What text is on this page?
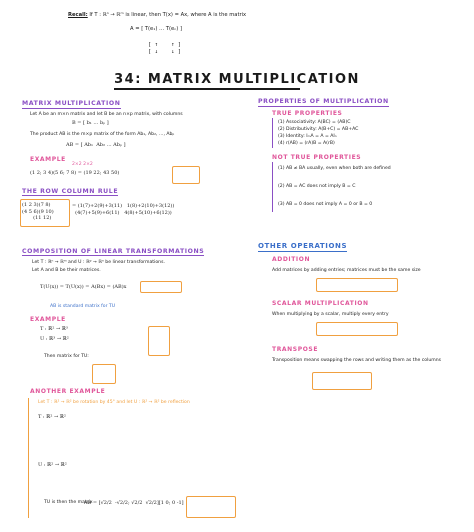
Recall: If T : ℝⁿ → ℝᵐ is linear, then T(x) = Ax, where A is the matrix
A = [ T(e₁) … T(eₙ) ]
[ ↑    ↑ ]
[ ↓    ↓ ]
34: MATRIX MULTIPLICATION
MATRIX MULTIPLICATION
Let A be an m×n matrix and let B be an n×p matrix, with columns
B = [ b₁ … bₚ ]
The product AB is the m×p matrix of the form Ab₁, Ab₂, …, Abₚ
AB = [ Ab₁  Ab₂ … Abₚ ]
EXAMPLE
(1 2; 3 4)(5 6; 7 8) = (19 22; 43 50)
2×2 2×2
THE ROW COLUMN RULE
(1 2 3)(7 8)
(4 5 6)(9 10)
(11 12)
= (1(7)+2(9)+3(11)   1(8)+2(10)+3(12))
(4(7)+5(9)+6(11)   4(8)+5(10)+6(12))
COMPOSITION OF LINEAR TRANSFORMATIONS
Let T : ℝⁿ → ℝᵐ and U : ℝᵖ → ℝⁿ be linear transformations.
Let A and B be their matrices.
T(U(x)) = T(U(x)) = A(Bx) = (AB)x
AB is standard matrix for TU
EXAMPLE
T : ℝ² → ℝ³
U : ℝ³ → ℝ²
Then matrix for TU:
ANOTHER EXAMPLE
Let T : ℝ² → ℝ² be rotation by 45° and let U : ℝ² → ℝ² be reflection
T : ℝ² → ℝ²
U : ℝ² → ℝ²
TU is then the matrix
AB = [√2/2  -√2/2; √2/2  √2/2][1 0; 0 -1]
PROPERTIES OF MULTIPLICATION
TRUE PROPERTIES
(1) Associativity: A(BC) = (AB)C
(2) Distributivity: A(B+C) = AB+AC
(3) Identity: IₘA = A = AIₙ
(4) r(AB) = (rA)B = A(rB)
NOT TRUE PROPERTIES
(1) AB ≠ BA usually, even when both are defined
(2) AB = AC does not imply B = C
(3) AB = 0 does not imply A = 0 or B = 0
OTHER OPERATIONS
ADDITION
Add matrices by adding entries; matrices must be the same size
SCALAR MULTIPLICATION
When multiplying by a scalar, multiply every entry
TRANSPOSE
Transposition means swapping the rows and writing them as the columns
